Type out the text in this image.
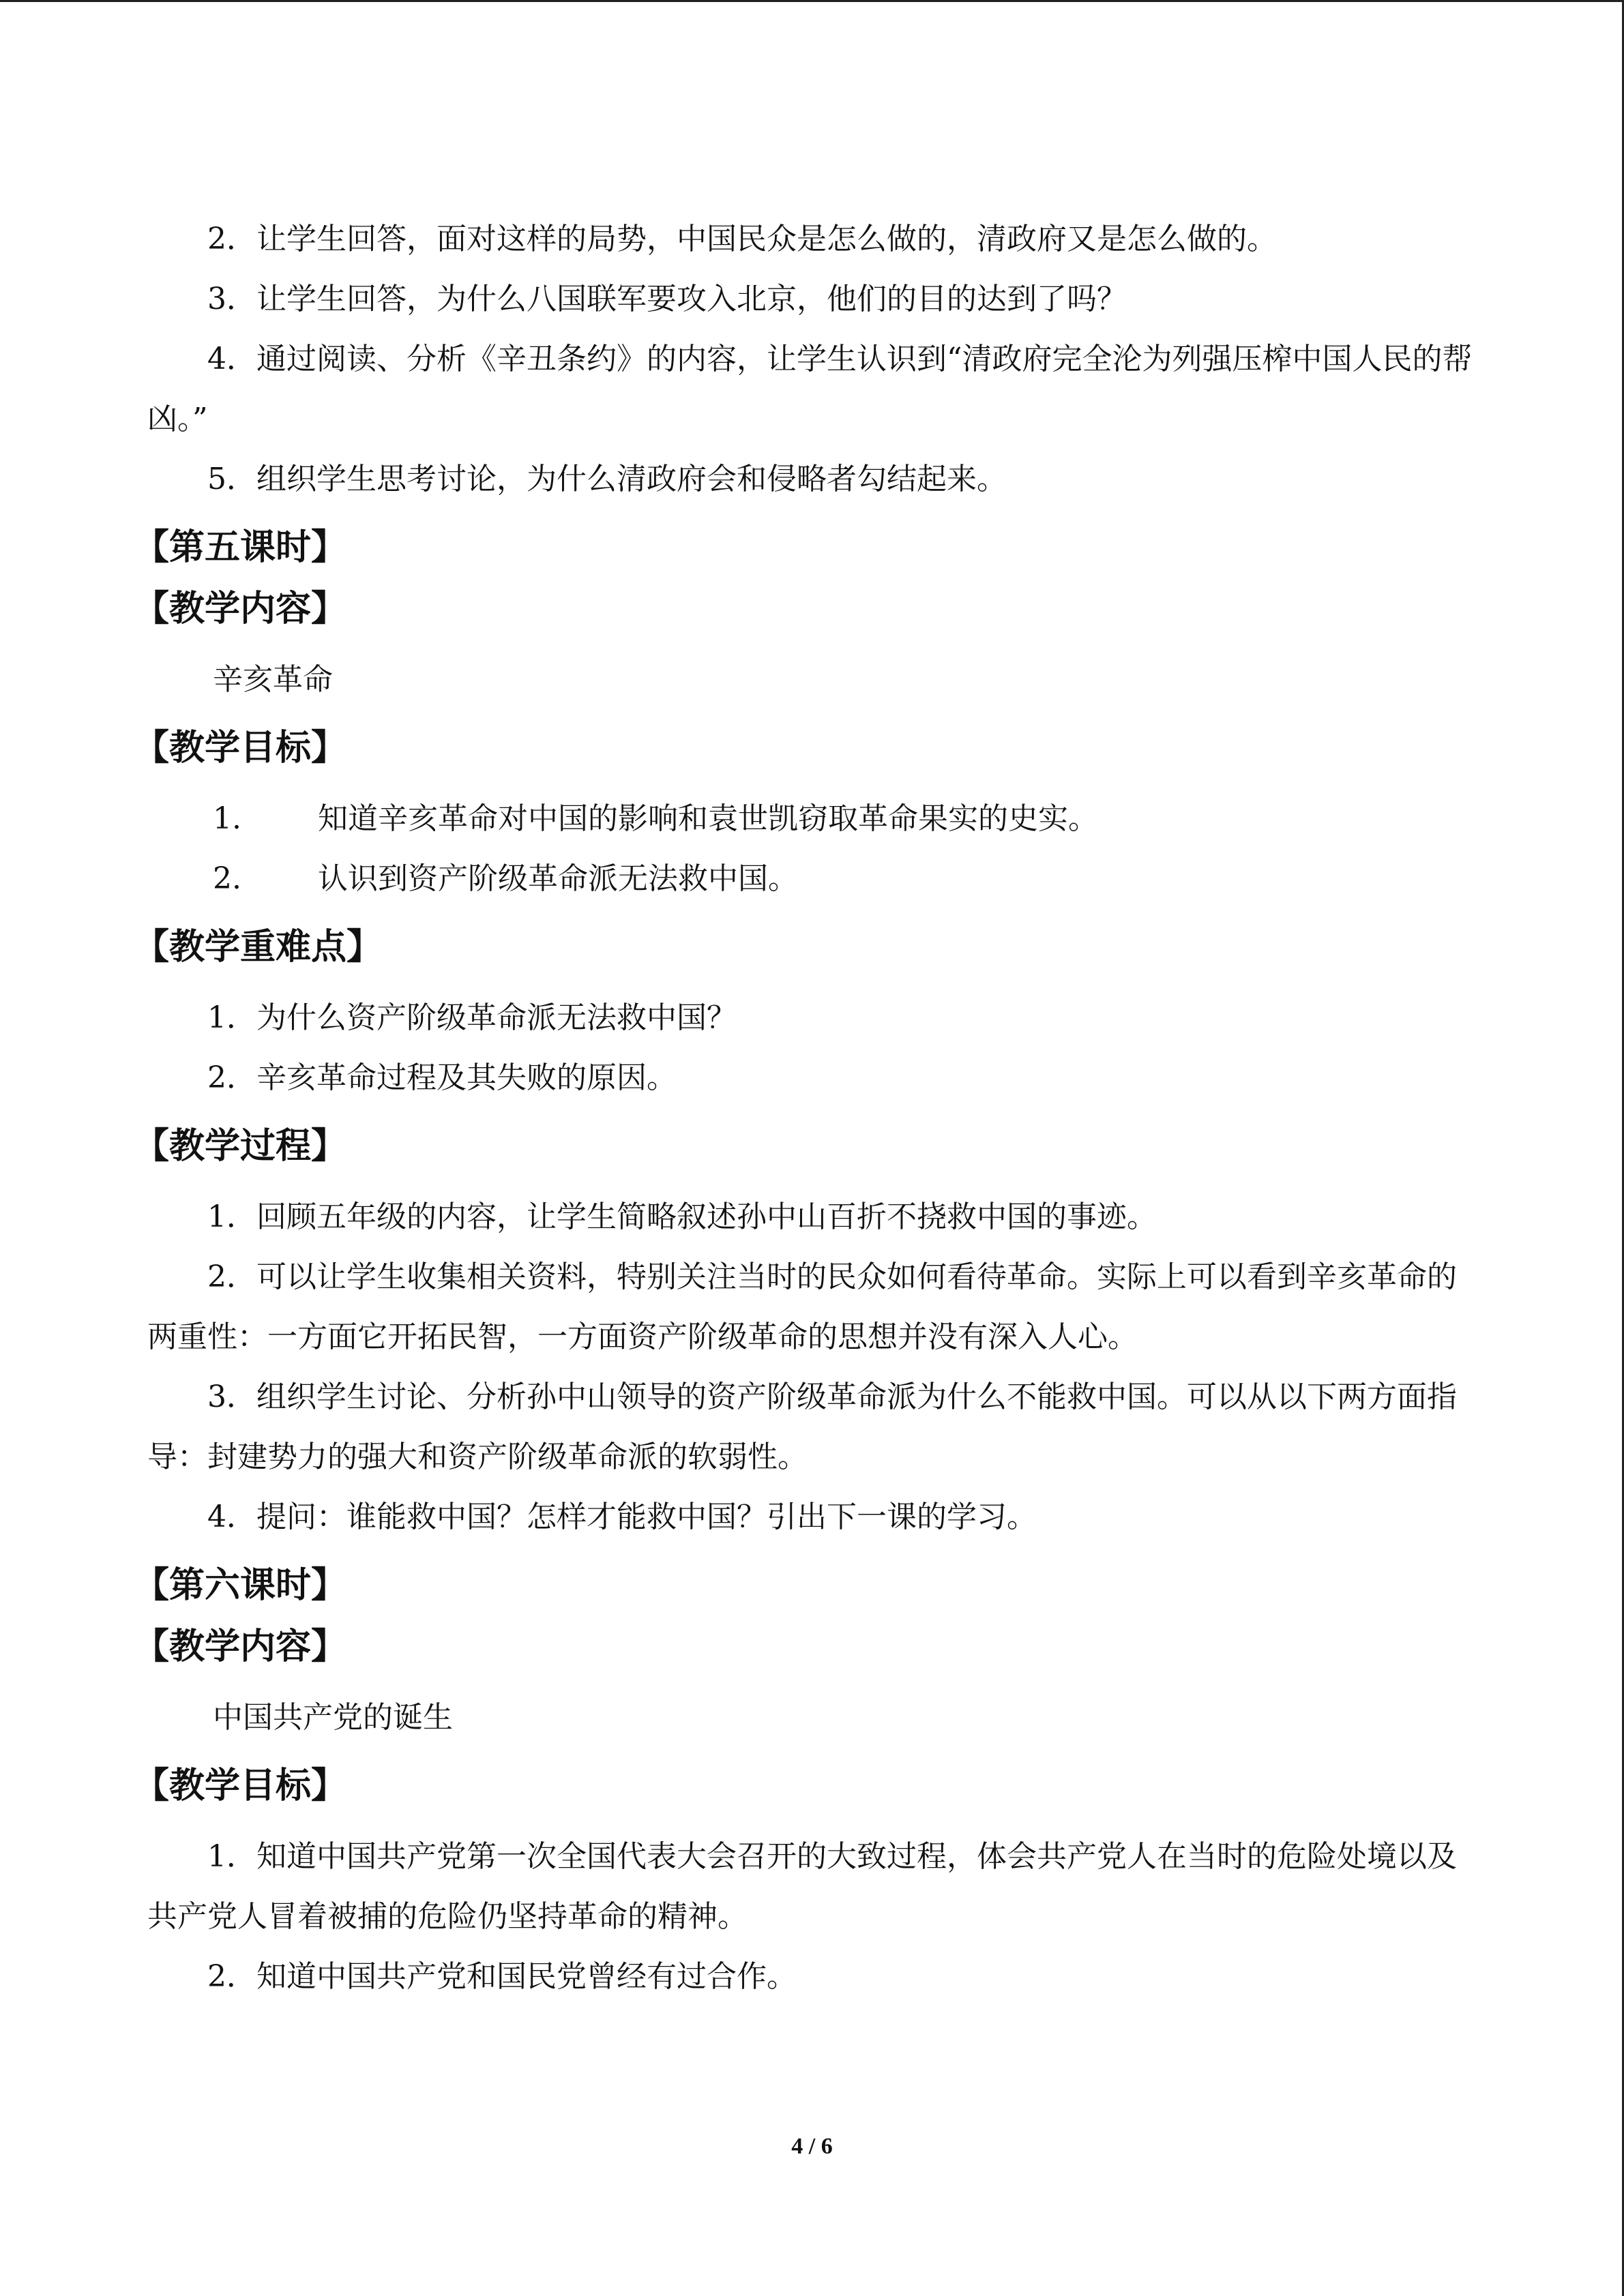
2．让学生回答，面对这样的局势，中国民众是怎么做的，清政府又是怎么做的。

3．让学生回答，为什么八国联军要攻入北京，他们的目的达到了吗？

4．通过阅读、分析《辛丑条约》的内容，让学生认识到“清政府完全沦为列强压榨中国人民的帮凶。”

5．组织学生思考讨论，为什么清政府会和侵略者勾结起来。

【第五课时】

【教学内容】

辛亥革命

【教学目标】

1.	知道辛亥革命对中国的影响和袁世凯窃取革命果实的史实。

2.	认识到资产阶级革命派无法救中国。

【教学重难点】

1．为什么资产阶级革命派无法救中国？

2．辛亥革命过程及其失败的原因。

【教学过程】

1．回顾五年级的内容，让学生简略叙述孙中山百折不挠救中国的事迹。

2．可以让学生收集相关资料，特别关注当时的民众如何看待革命。实际上可以看到辛亥革命的两重性：一方面它开拓民智，一方面资产阶级革命的思想并没有深入人心。

3．组织学生讨论、分析孙中山领导的资产阶级革命派为什么不能救中国。可以从以下两方面指导：封建势力的强大和资产阶级革命派的软弱性。

4．提问：谁能救中国？怎样才能救中国？引出下一课的学习。

【第六课时】

【教学内容】

中国共产党的诞生

【教学目标】

1．知道中国共产党第一次全国代表大会召开的大致过程，体会共产党人在当时的危险处境以及共产党人冒着被捕的危险仍坚持革命的精神。

2．知道中国共产党和国民党曾经有过合作。

4 / 6
